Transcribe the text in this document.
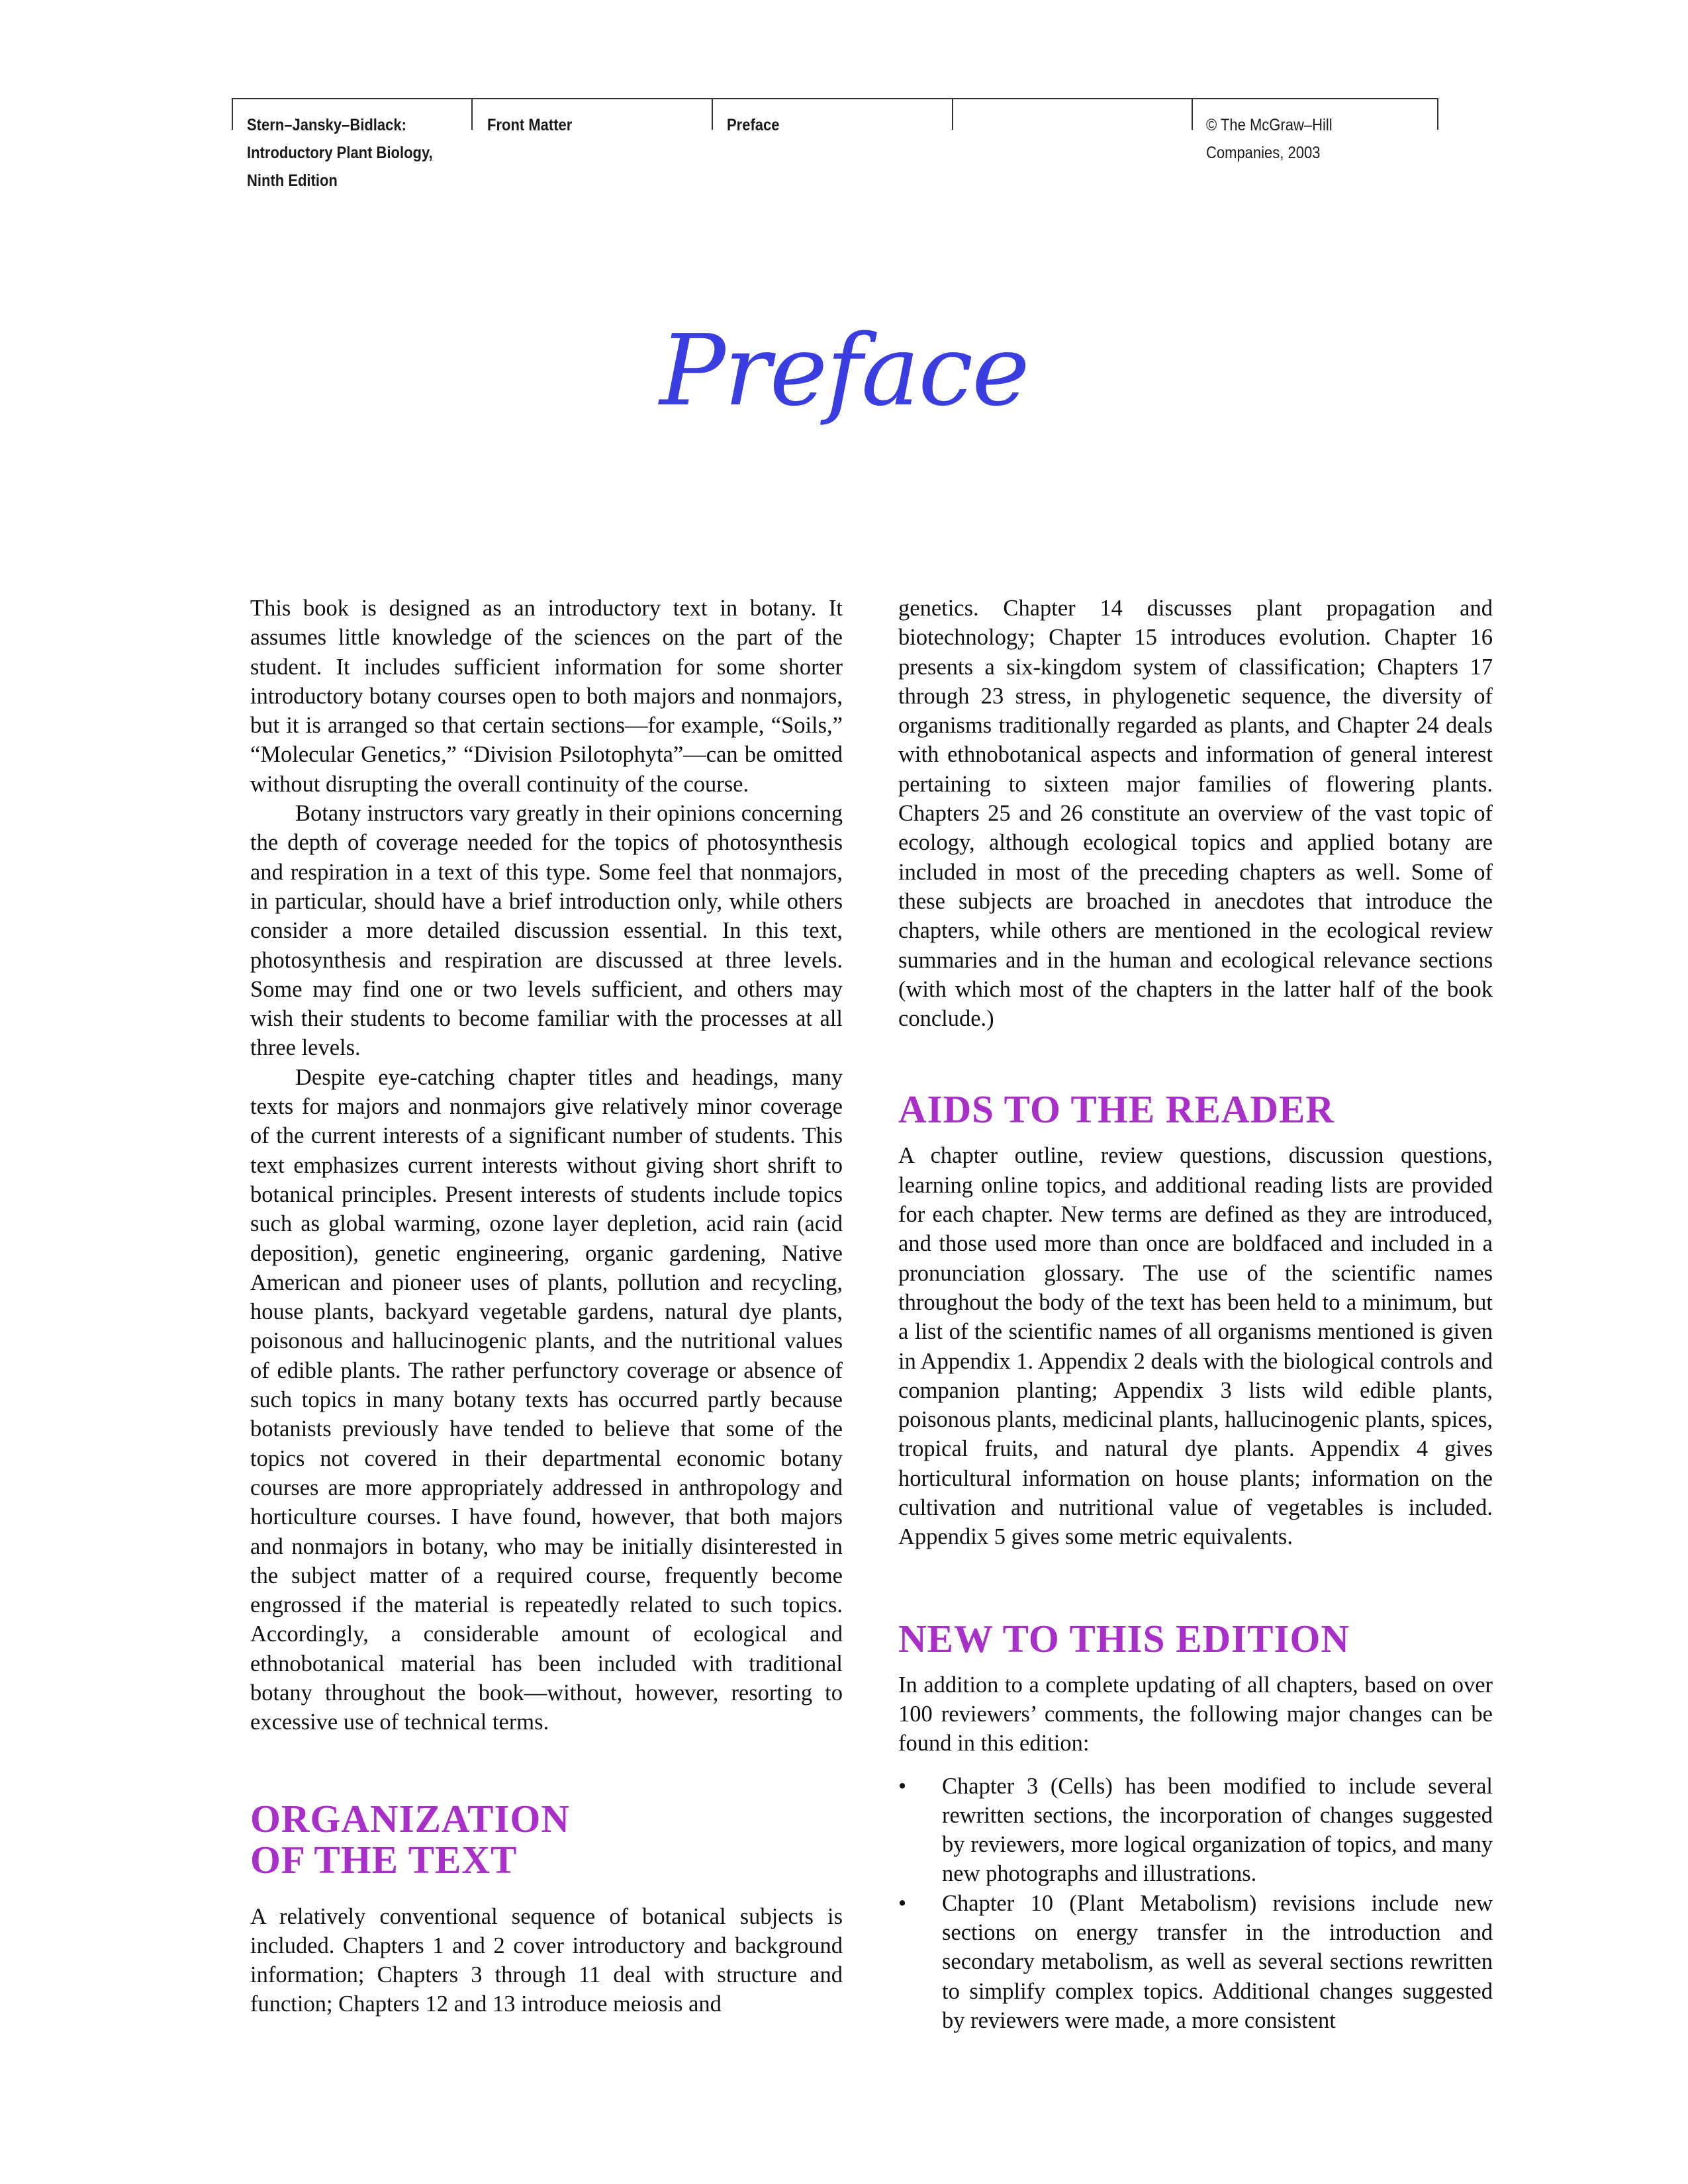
Stern–Jansky–Bidlack:
Introductory Plant Biology,
Ninth Edition
Front Matter	Preface	© The McGraw–Hill
Companies, 2003
Preface

This book is designed as an introductory text in botany. It assumes little knowledge of the sciences on the part of the student. It includes sufficient information for some shorter introductory botany courses open to both majors and nonmajors, but it is arranged so that certain sections—for example, “Soils,” “Molecular Genetics,” “Division Psilotophyta”—can be omitted without disrupting the overall continuity of the course.

Botany instructors vary greatly in their opinions concerning the depth of coverage needed for the topics of photosynthesis and respiration in a text of this type. Some feel that nonmajors, in particular, should have a brief introduction only, while others consider a more detailed discussion essential. In this text, photosynthesis and respiration are discussed at three levels. Some may find one or two levels sufficient, and others may wish their students to become familiar with the processes at all three levels.

Despite eye-catching chapter titles and headings, many texts for majors and nonmajors give relatively minor coverage of the current interests of a significant number of students. This text emphasizes current interests without giving short shrift to botanical principles. Present interests of students include topics such as global warming, ozone layer depletion, acid rain (acid deposition), genetic engineering, organic gardening, Native American and pioneer uses of plants, pollution and recycling, house plants, backyard vegetable gardens, natural dye plants, poisonous and hallucinogenic plants, and the nutritional values of edible plants. The rather perfunctory coverage or absence of such topics in many botany texts has occurred partly because botanists previously have tended to believe that some of the topics not covered in their departmental economic botany courses are more appropriately addressed in anthropology and horticulture courses. I have found, however, that both majors and nonmajors in botany, who may be initially disinterested in the subject matter of a required course, frequently become engrossed if the material is repeatedly related to such topics. Accordingly, a considerable amount of ecological and ethnobotanical material has been included with traditional botany throughout the book—without, however, resorting to excessive use of technical terms.

ORGANIZATION
OF THE TEXT

A relatively conventional sequence of botanical subjects is included. Chapters 1 and 2 cover introductory and background information; Chapters 3 through 11 deal with structure and function; Chapters 12 and 13 introduce meiosis and

genetics. Chapter 14 discusses plant propagation and biotechnology; Chapter 15 introduces evolution. Chapter 16 presents a six-kingdom system of classification; Chapters 17 through 23 stress, in phylogenetic sequence, the diversity of organisms traditionally regarded as plants, and Chapter 24 deals with ethnobotanical aspects and information of general interest pertaining to sixteen major families of flowering plants. Chapters 25 and 26 constitute an overview of the vast topic of ecology, although ecological topics and applied botany are included in most of the preceding chapters as well. Some of these subjects are broached in anecdotes that introduce the chapters, while others are mentioned in the ecological review summaries and in the human and ecological relevance sections (with which most of the chapters in the latter half of the book conclude.)

AIDS TO THE READER

A chapter outline, review questions, discussion questions, learning online topics, and additional reading lists are provided for each chapter. New terms are defined as they are introduced, and those used more than once are boldfaced and included in a pronunciation glossary. The use of the scientific names throughout the body of the text has been held to a minimum, but a list of the scientific names of all organisms mentioned is given in Appendix 1. Appendix 2 deals with the biological controls and companion planting; Appendix 3 lists wild edible plants, poisonous plants, medicinal plants, hallucinogenic plants, spices, tropical fruits, and natural dye plants. Appendix 4 gives horticultural information on house plants; information on the cultivation and nutritional value of vegetables is included. Appendix 5 gives some metric equivalents.

NEW TO THIS EDITION

In addition to a complete updating of all chapters, based on over 100 reviewers’ comments, the following major changes can be found in this edition:

• Chapter 3 (Cells) has been modified to include several rewritten sections, the incorporation of changes suggested by reviewers, more logical organization of topics, and many new photographs and illustrations.

• Chapter 10 (Plant Metabolism) revisions include new sections on energy transfer in the introduction and secondary metabolism, as well as several sections rewritten to simplify complex topics. Additional changes suggested by reviewers were made, a more consistent
